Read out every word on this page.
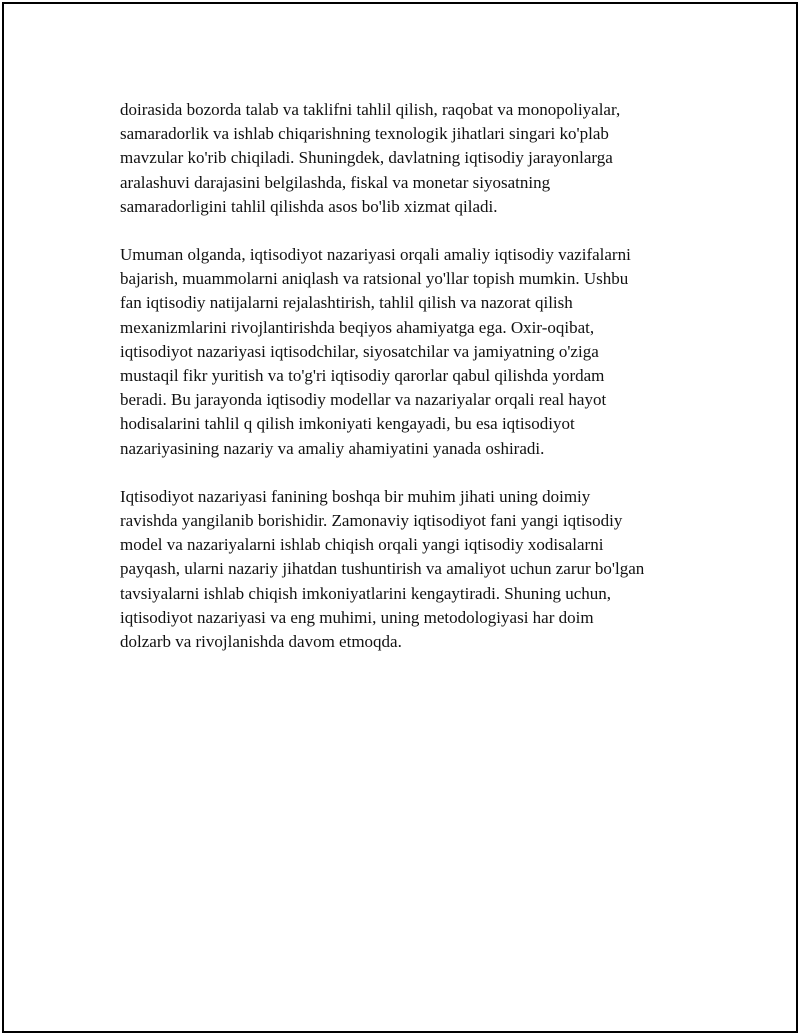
doirasida bozorda talab va taklifni tahlil qilish, raqobat va monopoliyalar,
samaradorlik va ishlab chiqarishning texnologik jihatlari singari ko'plab
mavzular ko'rib chiqiladi. Shuningdek, davlatning iqtisodiy jarayonlarga
aralashuvi darajasini belgilashda, fiskal va monetar siyosatning
samaradorligini tahlil qilishda asos bo'lib xizmat qiladi.

Umuman olganda, iqtisodiyot nazariyasi orqali amaliy iqtisodiy vazifalarni
bajarish, muammolarni aniqlash va ratsional yo'llar topish mumkin. Ushbu
fan iqtisodiy natijalarni rejalashtirish, tahlil qilish va nazorat qilish
mexanizmlarini rivojlantirishda beqiyos ahamiyatga ega. Oxir-oqibat,
iqtisodiyot nazariyasi iqtisodchilar, siyosatchilar va jamiyatning o'ziga
mustaqil fikr yuritish va to'g'ri iqtisodiy qarorlar qabul qilishda yordam
beradi. Bu jarayonda iqtisodiy modellar va nazariyalar orqali real hayot
hodisalarini tahlil q qilish imkoniyati kengayadi, bu esa iqtisodiyot
nazariyasining nazariy va amaliy ahamiyatini yanada oshiradi.

Iqtisodiyot nazariyasi fanining boshqa bir muhim jihati uning doimiy
ravishda yangilanib borishidir. Zamonaviy iqtisodiyot fani yangi iqtisodiy
model va nazariyalarni ishlab chiqish orqali yangi iqtisodiy xodisalarni
payqash, ularni nazariy jihatdan tushuntirish va amaliyot uchun zarur bo'lgan
tavsiyalarni ishlab chiqish imkoniyatlarini kengaytiradi. Shuning uchun,
iqtisodiyot nazariyasi va eng muhimi, uning metodologiyasi har doim
dolzarb va rivojlanishda davom etmoqda.
